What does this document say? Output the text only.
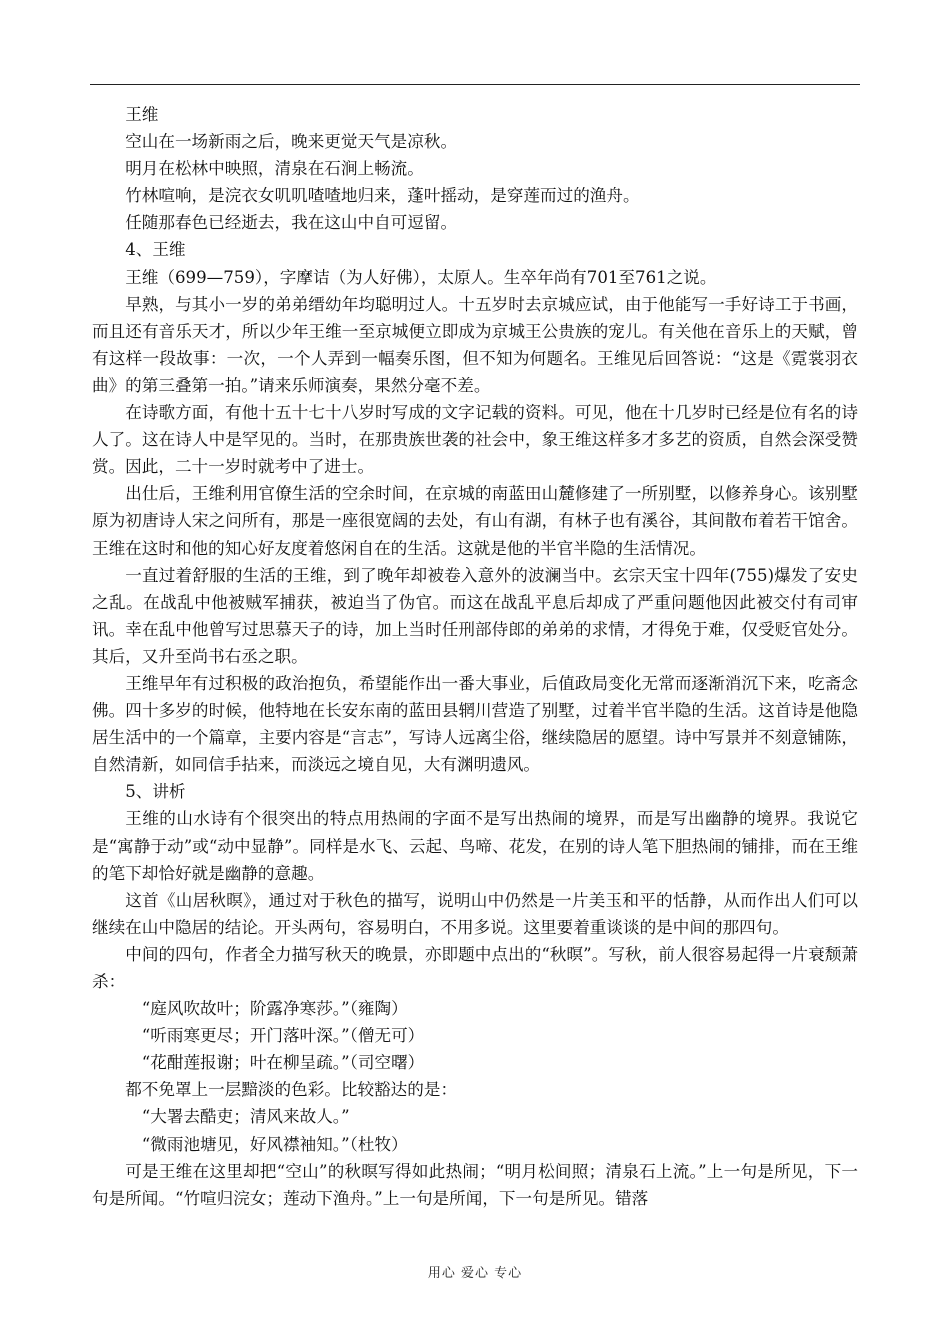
王维

空山在一场新雨之后，晚来更觉天气是凉秋。

明月在松林中映照，清泉在石涧上畅流。

竹林喧响，是浣衣女叽叽喳喳地归来，蓬叶摇动，是穿莲而过的渔舟。

任随那春色已经逝去，我在这山中自可逗留。

4、王维

王维（699—759），字摩诘（为人好佛），太原人。生卒年尚有701至761之说。

早熟，与其小一岁的弟弟缙幼年均聪明过人。十五岁时去京城应试，由于他能写一手好诗工于书画，而且还有音乐天才，所以少年王维一至京城便立即成为京城王公贵族的宠儿。有关他在音乐上的天赋，曾有这样一段故事：一次，一个人弄到一幅奏乐图，但不知为何题名。王维见后回答说：“这是《霓裳羽衣曲》的第三叠第一拍。”请来乐师演奏，果然分毫不差。

在诗歌方面，有他十五十七十八岁时写成的文字记载的资料。可见，他在十几岁时已经是位有名的诗人了。这在诗人中是罕见的。当时，在那贵族世袭的社会中，象王维这样多才多艺的资质，自然会深受赞赏。因此，二十一岁时就考中了进士。

出仕后，王维利用官僚生活的空余时间，在京城的南蓝田山麓修建了一所别墅，以修养身心。该别墅原为初唐诗人宋之问所有，那是一座很宽阔的去处，有山有湖，有林子也有溪谷，其间散布着若干馆舍。王维在这时和他的知心好友度着悠闲自在的生活。这就是他的半官半隐的生活情况。

一直过着舒服的生活的王维，到了晚年却被卷入意外的波澜当中。玄宗天宝十四年(755)爆发了安史之乱。在战乱中他被贼军捕获，被迫当了伪官。而这在战乱平息后却成了严重问题他因此被交付有司审讯。幸在乱中他曾写过思慕天子的诗，加上当时任刑部侍郎的弟弟的求情，才得免于难，仅受贬官处分。其后，又升至尚书右丞之职。

王维早年有过积极的政治抱负，希望能作出一番大事业，后值政局变化无常而逐渐消沉下来，吃斋念佛。四十多岁的时候，他特地在长安东南的蓝田县辋川营造了别墅，过着半官半隐的生活。这首诗是他隐居生活中的一个篇章，主要内容是“言志”，写诗人远离尘俗，继续隐居的愿望。诗中写景并不刻意铺陈，自然清新，如同信手拈来，而淡远之境自见，大有渊明遗风。

5、讲析

王维的山水诗有个很突出的特点用热闹的字面不是写出热闹的境界，而是写出幽静的境界。我说它是“寓静于动”或“动中显静”。同样是水飞、云起、鸟啼、花发，在别的诗人笔下胆热闹的铺排，而在王维的笔下却恰好就是幽静的意趣。

这首《山居秋暝》，通过对于秋色的描写，说明山中仍然是一片美玉和平的恬静，从而作出人们可以继续在山中隐居的结论。开头两句，容易明白，不用多说。这里要着重谈谈的是中间的那四句。

中间的四句，作者全力描写秋天的晚景，亦即题中点出的“秋暝”。写秋，前人很容易起得一片衰颓萧杀：

“庭风吹故叶；阶露净寒莎。”（雍陶）

“听雨寒更尽；开门落叶深。”（僧无可）

“花酣莲报谢；叶在柳呈疏。”（司空曙）

都不免罩上一层黯淡的色彩。比较豁达的是：

“大署去酷吏；清风来故人。”

“微雨池塘见，好风襟袖知。”（杜牧）

可是王维在这里却把“空山”的秋暝写得如此热闹；“明月松间照；清泉石上流。”上一句是所见，下一句是所闻。“竹喧归浣女；莲动下渔舟。”上一句是所闻，下一句是所见。错落

用心 爱心 专心
